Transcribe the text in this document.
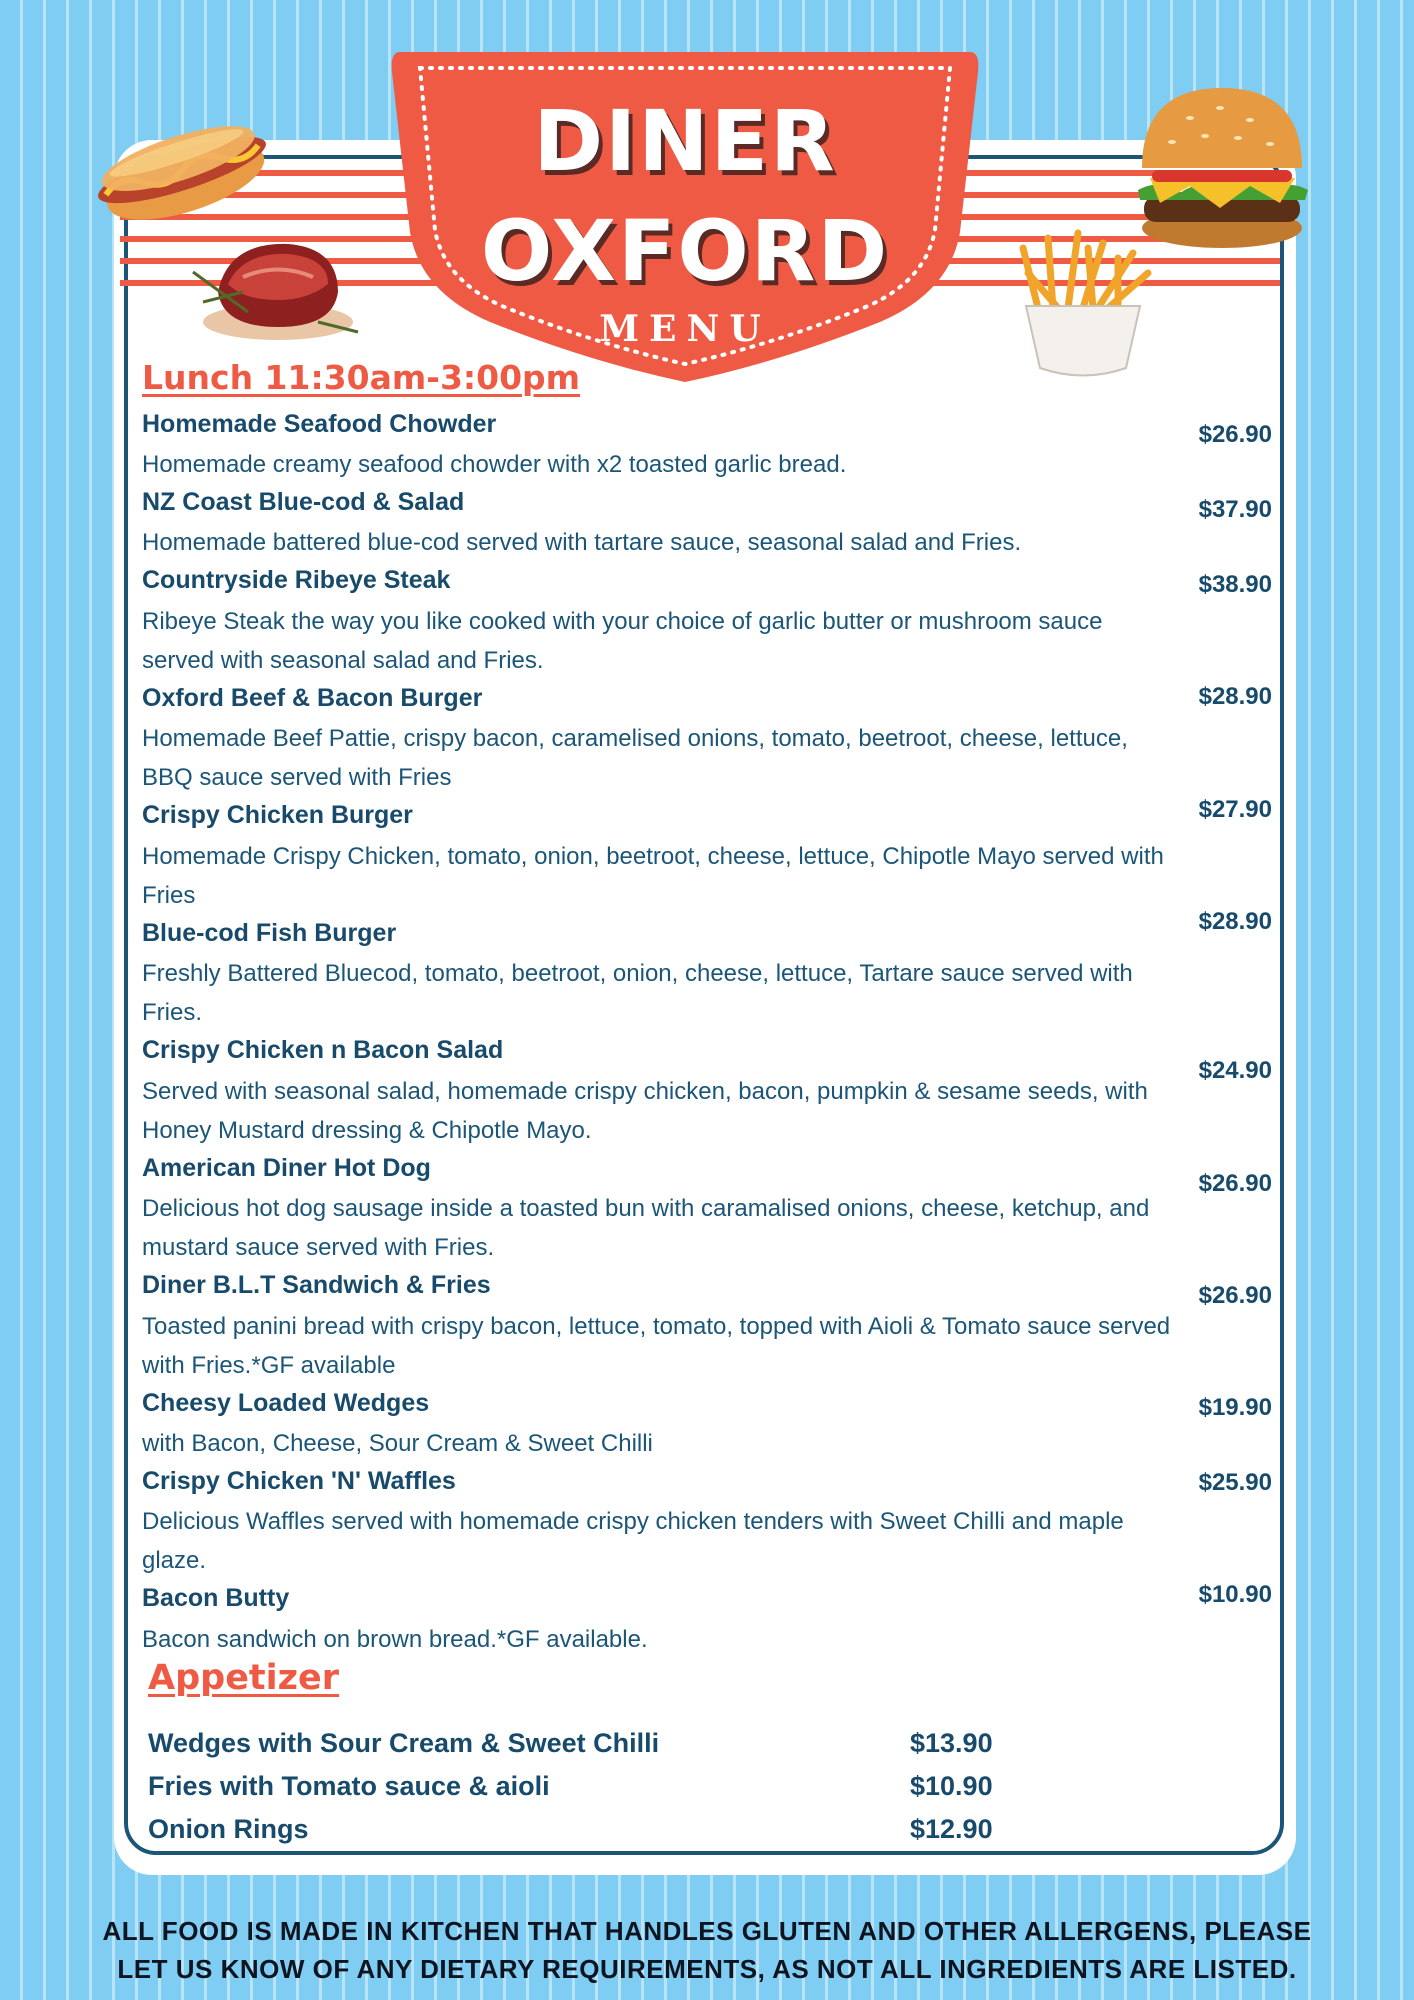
DINER
OXFORD
MENU
Lunch 11:30am-3:00pm
Homemade Seafood Chowder
Homemade creamy seafood chowder with x2 toasted garlic bread.
$26.90
NZ Coast Blue-cod & Salad
Homemade battered blue-cod served with tartare sauce, seasonal salad and Fries.
$37.90
Countryside Ribeye Steak
Ribeye Steak the way you like cooked with your choice of garlic butter or mushroom sauce served with seasonal salad and Fries.
$38.90
Oxford Beef & Bacon Burger
Homemade Beef Pattie, crispy bacon, caramelised onions, tomato, beetroot, cheese, lettuce, BBQ sauce served with Fries
$28.90
Crispy Chicken Burger
Homemade Crispy Chicken, tomato, onion, beetroot, cheese, lettuce, Chipotle Mayo served with Fries
$27.90
Blue-cod Fish Burger
Freshly Battered Bluecod, tomato, beetroot, onion, cheese, lettuce, Tartare sauce served with Fries.
$28.90
Crispy Chicken n Bacon Salad
Served with seasonal salad, homemade crispy chicken, bacon, pumpkin & sesame seeds, with Honey Mustard dressing & Chipotle Mayo.
$24.90
American Diner Hot Dog
Delicious hot dog sausage inside a toasted bun with caramalised onions, cheese, ketchup, and mustard sauce served with Fries.
$26.90
Diner B.L.T Sandwich & Fries
Toasted panini bread with crispy bacon, lettuce, tomato, topped with Aioli & Tomato sauce served with Fries.*GF available
$26.90
Cheesy Loaded Wedges
with Bacon, Cheese, Sour Cream & Sweet Chilli
$19.90
Crispy Chicken 'N' Waffles
Delicious Waffles served with homemade crispy chicken tenders with Sweet Chilli and maple glaze.
$25.90
Bacon Butty
Bacon sandwich on brown bread.*GF available.
$10.90
Appetizer
Wedges with Sour Cream & Sweet Chilli	$13.90
Fries with Tomato sauce & aioli	$10.90
Onion Rings	$12.90
ALL FOOD IS MADE IN KITCHEN THAT HANDLES GLUTEN AND OTHER ALLERGENS, PLEASE
LET US KNOW OF ANY DIETARY REQUIREMENTS, AS NOT ALL INGREDIENTS ARE LISTED.
